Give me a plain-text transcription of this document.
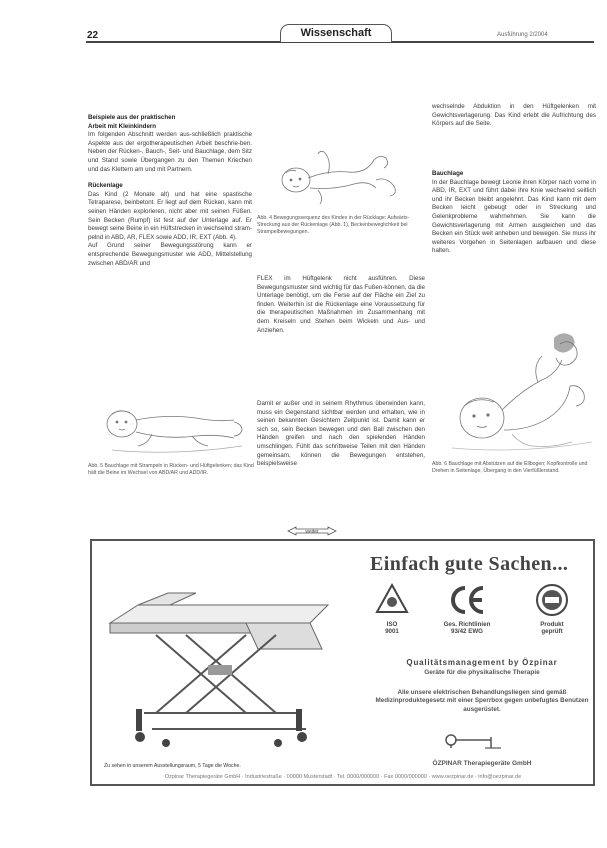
22	Wissenschaft	Ausführung 2/2004

Beispiele aus der praktischen

Arbeit mit Kleinkindern

Im folgenden Abschnitt werden aus-schließlich praktische Aspekte aus der ergotherapeutischen Arbeit beschrie-ben. Neben der Rücken-, Bauch-, Seit- und Bauchlage, dem Sitz und Stand sowie Übergangen zu den Themen Kriechen und das Klettern am und mit Partnern.

Rückenlage

Das Kind (2 Monate alt) und hat eine spastische Tetraparese, beinbetont. Er liegt auf dem Rücken, kann mit seinen Händen explorieren, nicht aber mit seinen Füßen. Sein Becken (Rumpf) ist fest auf der Unterlage auf. Er bewegt seine Beine in ein Hüftstrecken in wechselnd stram-pelnd in ABD, AR, FLEX sowie ADD, IR, EXT (Abb. 4).

Auf Grund seiner Bewegungsstörung kann er entsprechende Bewegungsmuster wie ADD, Mittelstellung zwischen ABD/AR und

Abb. 4 Bewegungssequenz des Kindes in der Rücklage: Aufwärts-Streckung aus der Rückenlage (Abb. 1), Beckenbeweglichkeit bei Strampelbewegungen.

FLEX im Hüftgelenk nicht ausführen. Diese Bewegungsmuster sind wichtig für das Fußen-können, da die Unterlage benötigt, um die Ferse auf der Fläche ein Ziel zu finden. Weiterhin ist die Rückenlage eine Voraussetzung für die therapeutischen Maßnahmen im Zusammenhang mit dem Kreiseln und Stehen beim Wickeln und Aus- und Anziehen.

Damit er außer und in seinem Rhythmus überwinden kann, muss ein Gegenstand sichtbar werden und erhalten, wie in seinen bekannten Gesichtern Zeitpunkt ist. Damit kann er sich so, sein Becken bewegen und den Ball zwischen den Händen greifen und nach den spielenden Händen umschlingen. Fühlt das schrittweise Teilen mit den Händen gemeinsam, können die Bewegungen entstehen, beispielsweise

wechselnde Abduktion in den Hüftgelenken mit Gewichtsverlagerung. Das Kind erlebt die Aufrichtung des Körpers auf die Seite.

Bauchlage

In der Bauchlage bewegt Leonie ihren Körper nach vorne in ABD, IR, EXT und führt dabei ihre Knie wechselnd seitlich und ihr Becken bleibt angelehnt. Das Kind kann mit dem Becken leicht gebeugt oder in Streckung und Gelenkprobleme wahrnehmen. Sie kann die Gewichtsverlagerung mit Armen ausgleichen und das Becken ein Stück weit anheben und bewegen. Sie muss ihr weiteres Vorgehen in Seitenlagen aufbauen und diese halten.

Abb. 5 Bauchlage mit Strampeln in Rücken- und Hüftgelenken; das Kind hält die Beine im Wechsel von ABD/AR und ADD/IR.
Abb. 6 Bauchlage mit Abstützen auf die Ellbogen; Kopfkontrolle und Drehen in Seitenlage, Übergang in den Vierfüßlerstand.
weiter
Zu sehen in unserem Ausstellungsraum, 5 Tage die Woche.
Einfach gute Sachen...
ISO
9001
Ges. Richtlinien
93/42 EWG
Produkt
geprüft
Qualitätsmanagement by Özpinar
Geräte für die physikalische Therapie
Alle unsere elektrischen Behandlungsliegen sind gemäß Medizinproduktegesetz mit einer Sperrbox gegen unbefugtes Benutzen ausgerüstet.
ÖZPINAR Therapiegeräte GmbH
Özpinar Therapiegeräte GmbH · Industriestraße · 00000 Musterstadt · Tel. 0000/000000 · Fax 0000/000000 · www.oezpinar.de · info@oezpinar.de
